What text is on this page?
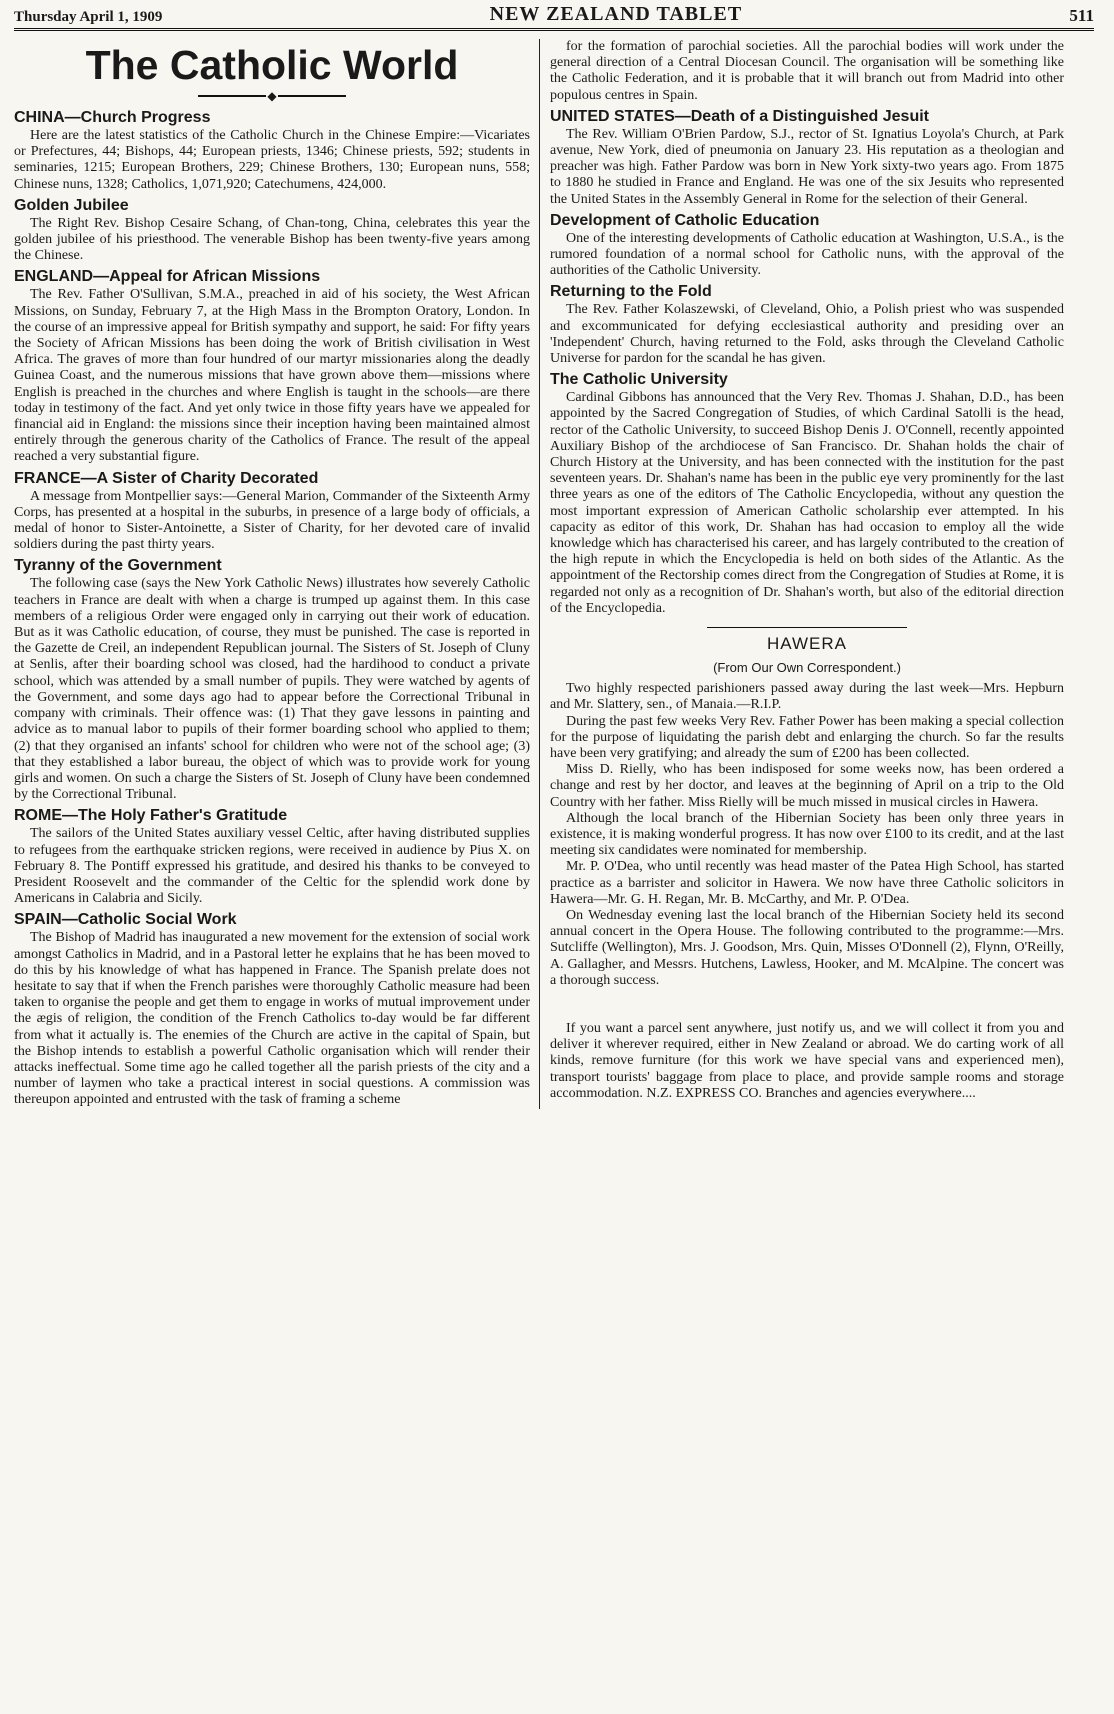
Thursday April 1, 1909	NEW ZEALAND TABLET	511
The Catholic World
◆
CHINA—Church Progress

Here are the latest statistics of the Catholic Church in the Chinese Empire:—Vicariates or Prefectures, 44; Bishops, 44; European priests, 1346; Chinese priests, 592; students in seminaries, 1215; European Brothers, 229; Chinese Brothers, 130; European nuns, 558; Chinese nuns, 1328; Catholics, 1,071,920; Catechumens, 424,000.

Golden Jubilee

The Right Rev. Bishop Cesaire Schang, of Chan-tong, China, celebrates this year the golden jubilee of his priesthood. The venerable Bishop has been twenty-five years among the Chinese.

ENGLAND—Appeal for African Missions

The Rev. Father O'Sullivan, S.M.A., preached in aid of his society, the West African Missions, on Sunday, February 7, at the High Mass in the Brompton Oratory, London. In the course of an impressive appeal for British sympathy and support, he said: For fifty years the Society of African Missions has been doing the work of British civilisation in West Africa. The graves of more than four hundred of our martyr missionaries along the deadly Guinea Coast, and the numerous missions that have grown above them—missions where English is preached in the churches and where English is taught in the schools—are there today in testimony of the fact. And yet only twice in those fifty years have we appealed for financial aid in England: the missions since their inception having been maintained almost entirely through the generous charity of the Catholics of France. The result of the appeal reached a very substantial figure.

FRANCE—A Sister of Charity Decorated

A message from Montpellier says:—General Marion, Commander of the Sixteenth Army Corps, has presented at a hospital in the suburbs, in presence of a large body of officials, a medal of honor to Sister-Antoinette, a Sister of Charity, for her devoted care of invalid soldiers during the past thirty years.

Tyranny of the Government

The following case (says the New York Catholic News) illustrates how severely Catholic teachers in France are dealt with when a charge is trumped up against them. In this case members of a religious Order were engaged only in carrying out their work of education. But as it was Catholic education, of course, they must be punished. The case is reported in the Gazette de Creil, an independent Republican journal. The Sisters of St. Joseph of Cluny at Senlis, after their boarding school was closed, had the hardihood to conduct a private school, which was attended by a small number of pupils. They were watched by agents of the Government, and some days ago had to appear before the Correctional Tribunal in company with criminals. Their offence was: (1) That they gave lessons in painting and advice as to manual labor to pupils of their former boarding school who applied to them; (2) that they organised an infants' school for children who were not of the school age; (3) that they established a labor bureau, the object of which was to provide work for young girls and women. On such a charge the Sisters of St. Joseph of Cluny have been condemned by the Correctional Tribunal.

ROME—The Holy Father's Gratitude

The sailors of the United States auxiliary vessel Celtic, after having distributed supplies to refugees from the earthquake stricken regions, were received in audience by Pius X. on February 8. The Pontiff expressed his gratitude, and desired his thanks to be conveyed to President Roosevelt and the commander of the Celtic for the splendid work done by Americans in Calabria and Sicily.

SPAIN—Catholic Social Work

The Bishop of Madrid has inaugurated a new movement for the extension of social work amongst Catholics in Madrid, and in a Pastoral letter he explains that he has been moved to do this by his knowledge of what has happened in France. The Spanish prelate does not hesitate to say that if when the French parishes were thoroughly Catholic measure had been taken to organise the people and get them to engage in works of mutual improvement under the ægis of religion, the condition of the French Catholics to-day would be far different from what it actually is. The enemies of the Church are active in the capital of Spain, but the Bishop intends to establish a powerful Catholic organisation which will render their attacks ineffectual. Some time ago he called together all the parish priests of the city and a number of laymen who take a practical interest in social questions. A commission was thereupon appointed and entrusted with the task of framing a scheme

for the formation of parochial societies. All the parochial bodies will work under the general direction of a Central Diocesan Council. The organisation will be something like the Catholic Federation, and it is probable that it will branch out from Madrid into other populous centres in Spain.

UNITED STATES—Death of a Distinguished Jesuit

The Rev. William O'Brien Pardow, S.J., rector of St. Ignatius Loyola's Church, at Park avenue, New York, died of pneumonia on January 23. His reputation as a theologian and preacher was high. Father Pardow was born in New York sixty-two years ago. From 1875 to 1880 he studied in France and England. He was one of the six Jesuits who represented the United States in the Assembly General in Rome for the selection of their General.

Development of Catholic Education

One of the interesting developments of Catholic education at Washington, U.S.A., is the rumored foundation of a normal school for Catholic nuns, with the approval of the authorities of the Catholic University.

Returning to the Fold

The Rev. Father Kolaszewski, of Cleveland, Ohio, a Polish priest who was suspended and excommunicated for defying ecclesiastical authority and presiding over an 'Independent' Church, having returned to the Fold, asks through the Cleveland Catholic Universe for pardon for the scandal he has given.

The Catholic University

Cardinal Gibbons has announced that the Very Rev. Thomas J. Shahan, D.D., has been appointed by the Sacred Congregation of Studies, of which Cardinal Satolli is the head, rector of the Catholic University, to succeed Bishop Denis J. O'Connell, recently appointed Auxiliary Bishop of the archdiocese of San Francisco. Dr. Shahan holds the chair of Church History at the University, and has been connected with the institution for the past seventeen years. Dr. Shahan's name has been in the public eye very prominently for the last three years as one of the editors of The Catholic Encyclopedia, without any question the most important expression of American Catholic scholarship ever attempted. In his capacity as editor of this work, Dr. Shahan has had occasion to employ all the wide knowledge which has characterised his career, and has largely contributed to the creation of the high repute in which the Encyclopedia is held on both sides of the Atlantic. As the appointment of the Rectorship comes direct from the Congregation of Studies at Rome, it is regarded not only as a recognition of Dr. Shahan's worth, but also of the editorial direction of the Encyclopedia.

HAWERA
(From Our Own Correspondent.)

Two highly respected parishioners passed away during the last week—Mrs. Hepburn and Mr. Slattery, sen., of Manaia.—R.I.P.

During the past few weeks Very Rev. Father Power has been making a special collection for the purpose of liquidating the parish debt and enlarging the church. So far the results have been very gratifying; and already the sum of £200 has been collected.

Miss D. Rielly, who has been indisposed for some weeks now, has been ordered a change and rest by her doctor, and leaves at the beginning of April on a trip to the Old Country with her father. Miss Rielly will be much missed in musical circles in Hawera.

Although the local branch of the Hibernian Society has been only three years in existence, it is making wonderful progress. It has now over £100 to its credit, and at the last meeting six candidates were nominated for membership.

Mr. P. O'Dea, who until recently was head master of the Patea High School, has started practice as a barrister and solicitor in Hawera. We now have three Catholic solicitors in Hawera—Mr. G. H. Regan, Mr. B. McCarthy, and Mr. P. O'Dea.

On Wednesday evening last the local branch of the Hibernian Society held its second annual concert in the Opera House. The following contributed to the programme:—Mrs. Sutcliffe (Wellington), Mrs. J. Goodson, Mrs. Quin, Misses O'Donnell (2), Flynn, O'Reilly, A. Gallagher, and Messrs. Hutchens, Lawless, Hooker, and M. McAlpine. The concert was a thorough success.

If you want a parcel sent anywhere, just notify us, and we will collect it from you and deliver it wherever required, either in New Zealand or abroad. We do carting work of all kinds, remove furniture (for this work we have special vans and experienced men), transport tourists' baggage from place to place, and provide sample rooms and storage accommodation. N.Z. EXPRESS CO. Branches and agencies everywhere....
